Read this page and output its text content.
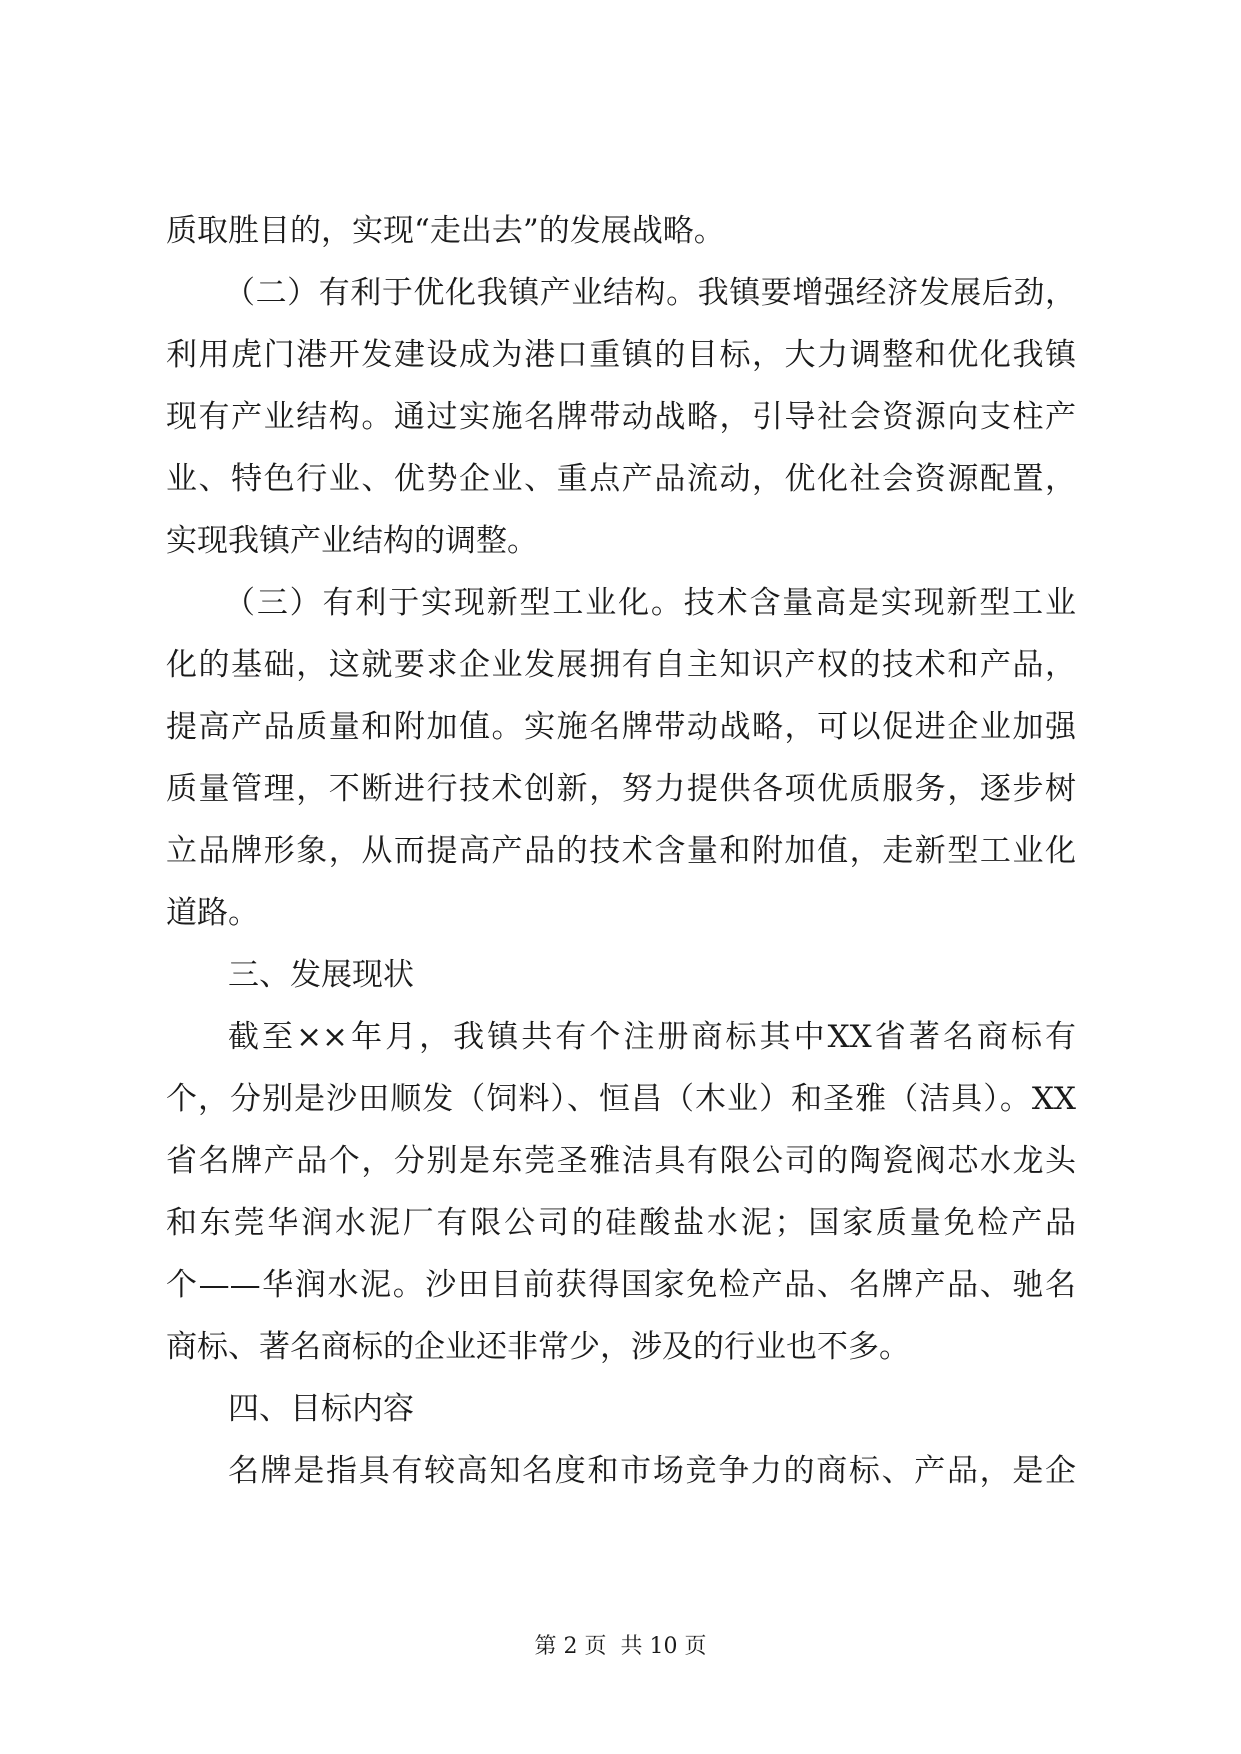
质取胜目的，实现“走出去”的发展战略。
（二）有利于优化我镇产业结构。我镇要增强经济发展后劲，
利用虎门港开发建设成为港口重镇的目标，大力调整和优化我镇
现有产业结构。通过实施名牌带动战略，引导社会资源向支柱产
业、特色行业、优势企业、重点产品流动，优化社会资源配置，
实现我镇产业结构的调整。
（三）有利于实现新型工业化。技术含量高是实现新型工业
化的基础，这就要求企业发展拥有自主知识产权的技术和产品，
提高产品质量和附加值。实施名牌带动战略，可以促进企业加强
质量管理，不断进行技术创新，努力提供各项优质服务，逐步树
立品牌形象，从而提高产品的技术含量和附加值，走新型工业化
道路。
三、发展现状
截至××年月，我镇共有个注册商标其中XX省著名商标有
个，分别是沙田顺发（饲料）、恒昌（木业）和圣雅（洁具）。XX
省名牌产品个，分别是东莞圣雅洁具有限公司的陶瓷阀芯水龙头
和东莞华润水泥厂有限公司的硅酸盐水泥；国家质量免检产品
个——华润水泥。沙田目前获得国家免检产品、名牌产品、驰名
商标、著名商标的企业还非常少，涉及的行业也不多。
四、目标内容
名牌是指具有较高知名度和市场竞争力的商标、产品，是企
第 2 页  共 10 页
